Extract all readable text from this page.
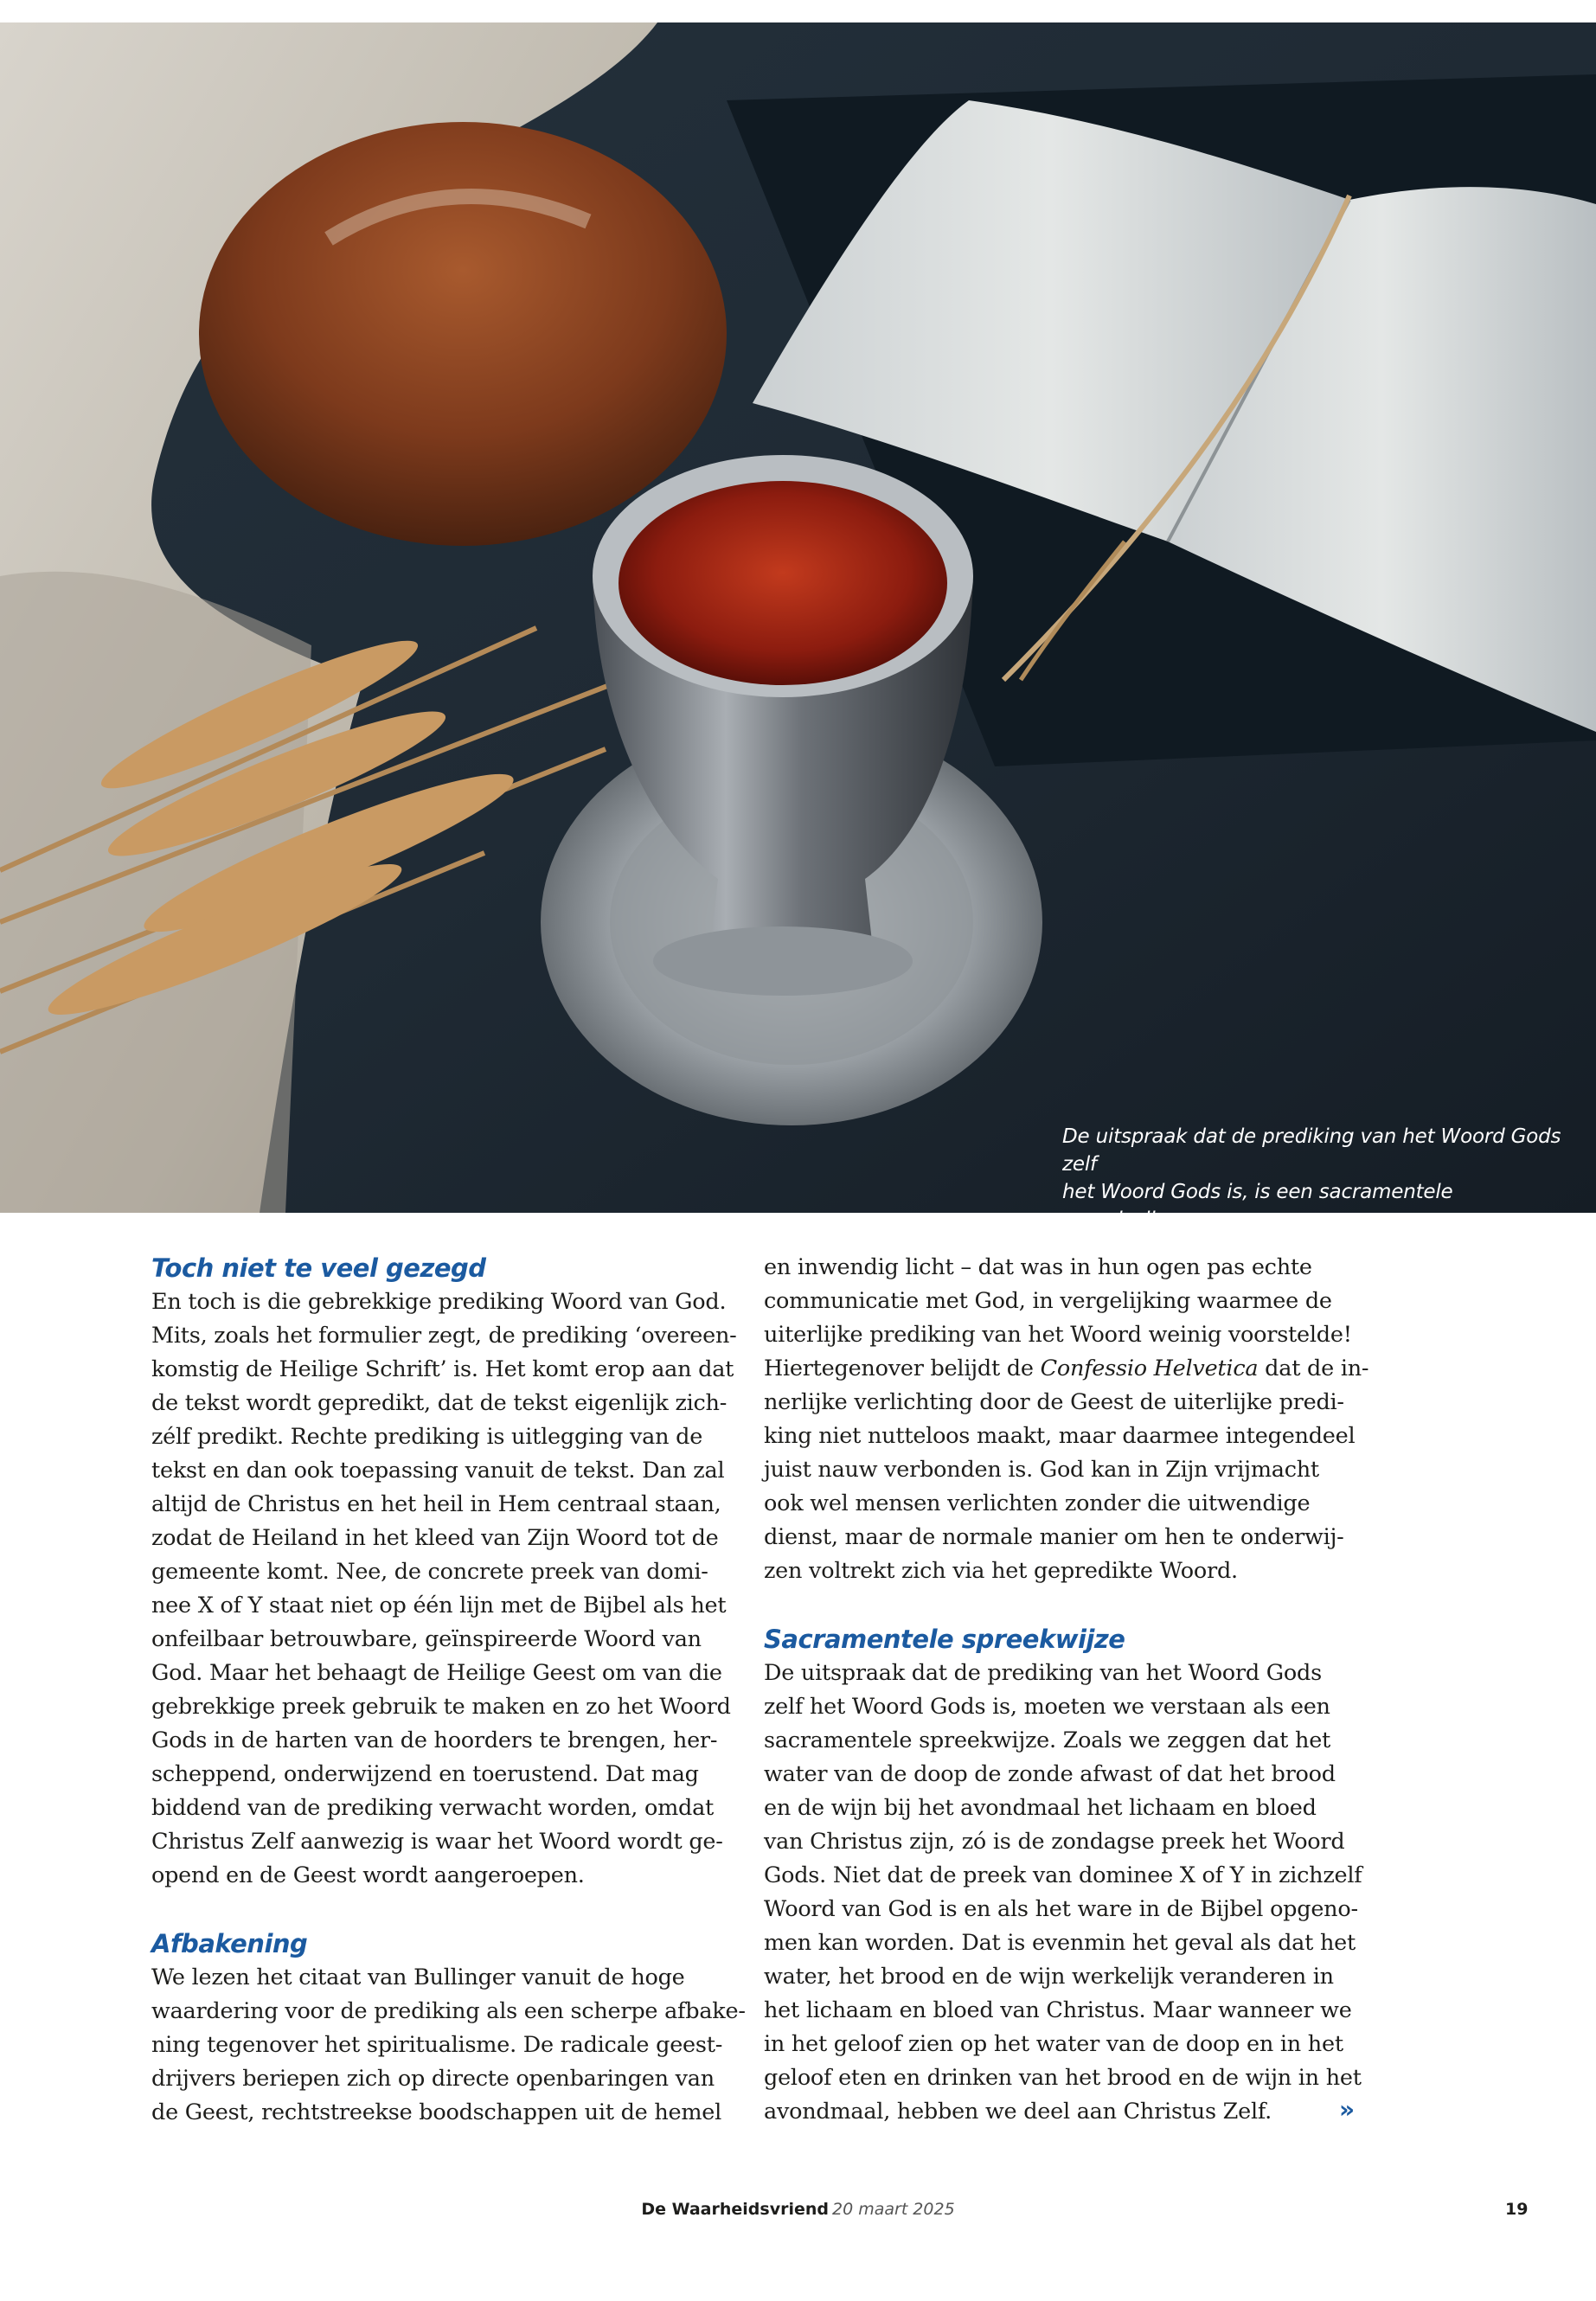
De uitspraak dat de prediking van het Woord Gods zelf
het Woord Gods is, is een sacramentele spreekwijze.

Toch niet te veel gezegd
En toch is die gebrekkige prediking Woord van God.
Mits, zoals het formulier zegt, de prediking ‘overeen-
komstig de Heilige Schrift’ is. Het komt erop aan dat
de tekst wordt gepredikt, dat de tekst eigenlijk zich-
zélf predikt. Rechte prediking is uitlegging van de
tekst en dan ook toepassing vanuit de tekst. Dan zal
altijd de Christus en het heil in Hem centraal staan,
zodat de Heiland in het kleed van Zijn Woord tot de
gemeente komt. Nee, de concrete preek van domi-
nee X of Y staat niet op één lijn met de Bijbel als het
onfeilbaar betrouwbare, geïnspireerde Woord van
God. Maar het behaagt de Heilige Geest om van die
gebrekkige preek gebruik te maken en zo het Woord
Gods in de harten van de hoorders te brengen, her-
scheppend, onderwijzend en toerustend. Dat mag
biddend van de prediking verwacht worden, omdat
Christus Zelf aanwezig is waar het Woord wordt ge-
opend en de Geest wordt aangeroepen.
Afbakening
We lezen het citaat van Bullinger vanuit de hoge
waardering voor de prediking als een scherpe afbake-
ning tegenover het spiritualisme. De radicale geest-
drijvers beriepen zich op directe openbaringen van
de Geest, rechtstreekse boodschappen uit de hemel
en inwendig licht – dat was in hun ogen pas echte
communicatie met God, in vergelijking waarmee de
uiterlijke prediking van het Woord weinig voorstelde!
Hiertegenover belijdt de Confessio Helvetica dat de in-
nerlijke verlichting door de Geest de uiterlijke predi-
king niet nutteloos maakt, maar daarmee integendeel
juist nauw verbonden is. God kan in Zijn vrijmacht
ook wel mensen verlichten zonder die uitwendige
dienst, maar de normale manier om hen te onderwij-
zen voltrekt zich via het gepredikte Woord.
Sacramentele spreekwijze
De uitspraak dat de prediking van het Woord Gods
zelf het Woord Gods is, moeten we verstaan als een
sacramentele spreekwijze. Zoals we zeggen dat het
water van de doop de zonde afwast of dat het brood
en de wijn bij het avondmaal het lichaam en bloed
van Christus zijn, zó is de zondagse preek het Woord
Gods. Niet dat de preek van dominee X of Y in zichzelf
Woord van God is en als het ware in de Bijbel opgeno-
men kan worden. Dat is evenmin het geval als dat het
water, het brood en de wijn werkelijk veranderen in
het lichaam en bloed van Christus. Maar wanneer we
in het geloof zien op het water van de doop en in het
geloof eten en drinken van het brood en de wijn in het
avondmaal, hebben we deel aan Christus Zelf.	»
De Waarheidsvriend 20 maart 2025	19
